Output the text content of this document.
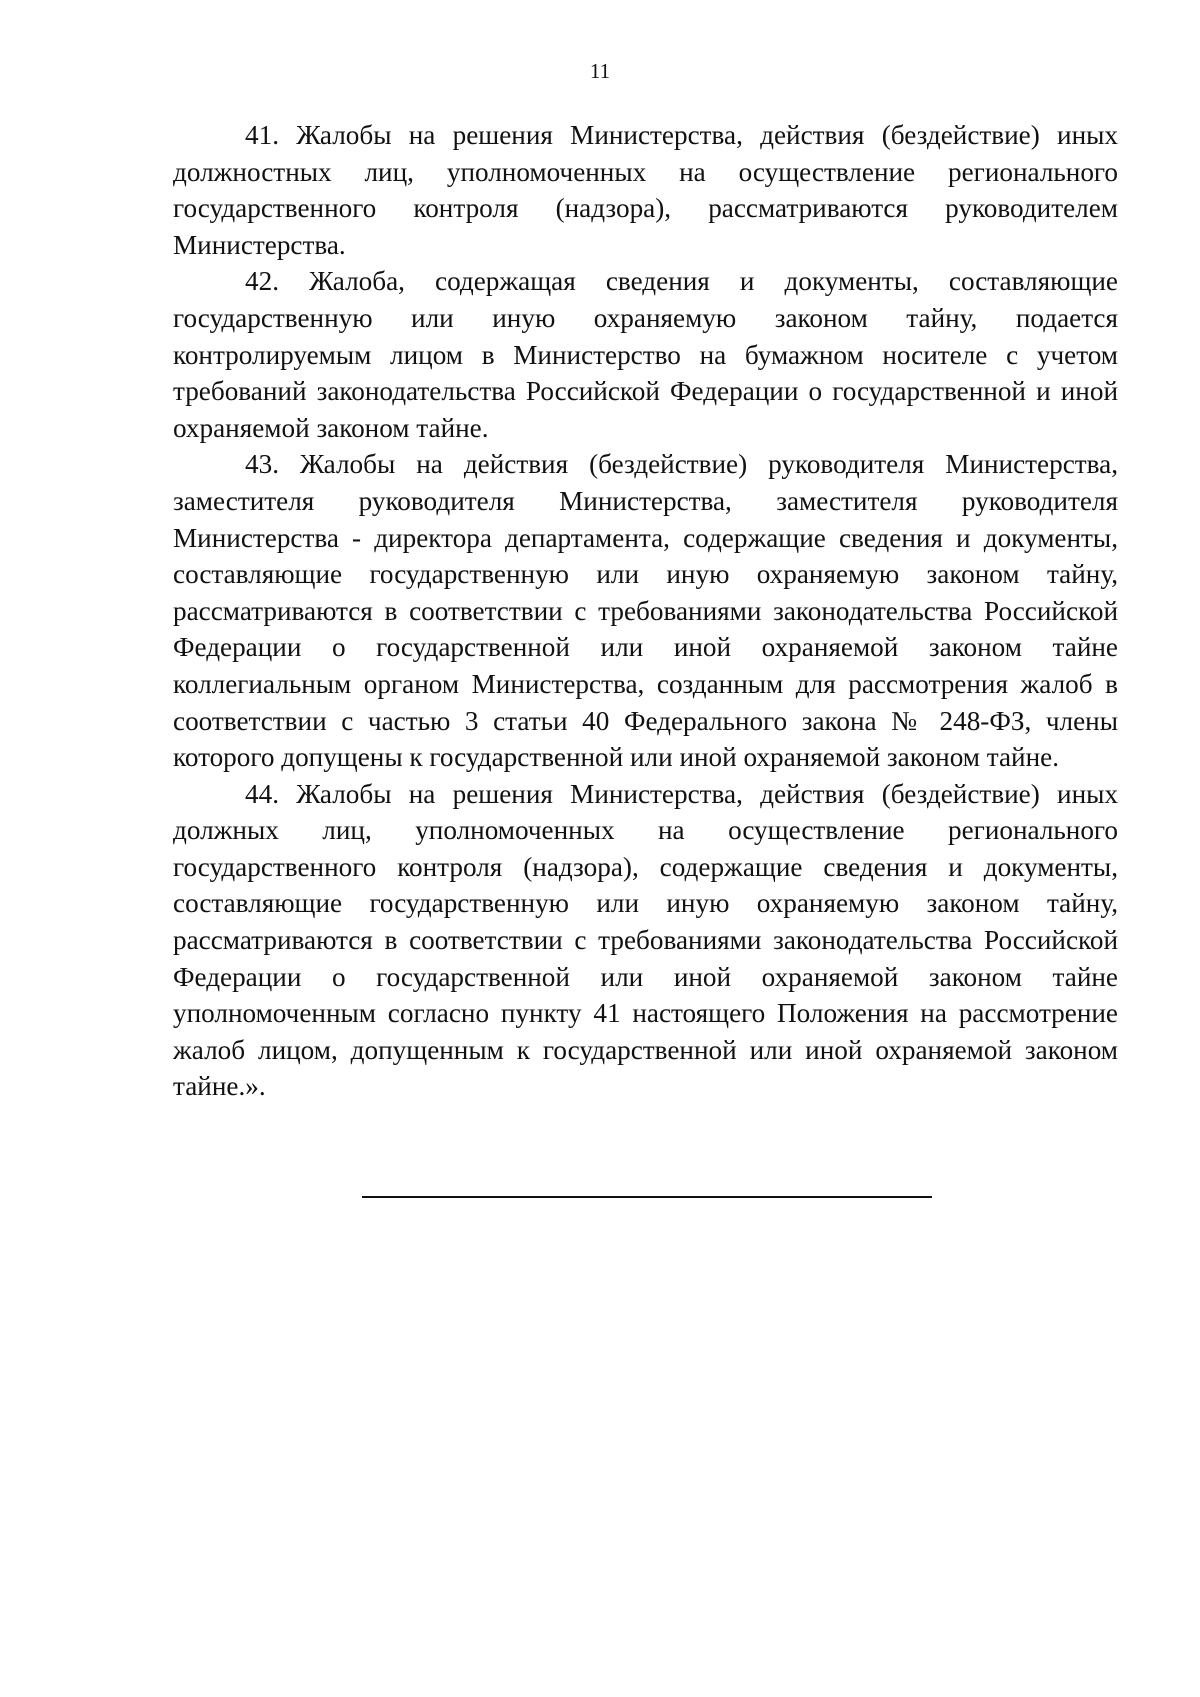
11

41. Жалобы на решения Министерства, действия (бездействие) иных должностных лиц, уполномоченных на осуществление регионального государственного контроля (надзора), рассматриваются руководителем Министерства.

42. Жалоба, содержащая сведения и документы, составляющие государственную или иную охраняемую законом тайну, подается контролируемым лицом в Министерство на бумажном носителе с учетом требований законодательства Российской Федерации о государственной и иной охраняемой законом тайне.

43. Жалобы на действия (бездействие) руководителя Министерства, заместителя руководителя Министерства, заместителя руководителя Министерства - директора департамента, содержащие сведения и документы, составляющие государственную или иную охраняемую законом тайну, рассматриваются в соответствии с требованиями законодательства Российской Федерации о государственной или иной охраняемой законом тайне коллегиальным органом Министерства, созданным для рассмотрения жалоб в соответствии с частью 3 статьи 40 Федерального закона № 248-ФЗ, члены которого допущены к государственной или иной охраняемой законом тайне.

44. Жалобы на решения Министерства, действия (бездействие) иных должных лиц, уполномоченных на осуществление регионального государственного контроля (надзора), содержащие сведения и документы, составляющие государственную или иную охраняемую законом тайну, рассматриваются в соответствии с требованиями законодательства Российской Федерации о государственной или иной охраняемой законом тайне уполномоченным согласно пункту 41 настоящего Положения на рассмотрение жалоб лицом, допущенным к государственной или иной охраняемой законом тайне.».
